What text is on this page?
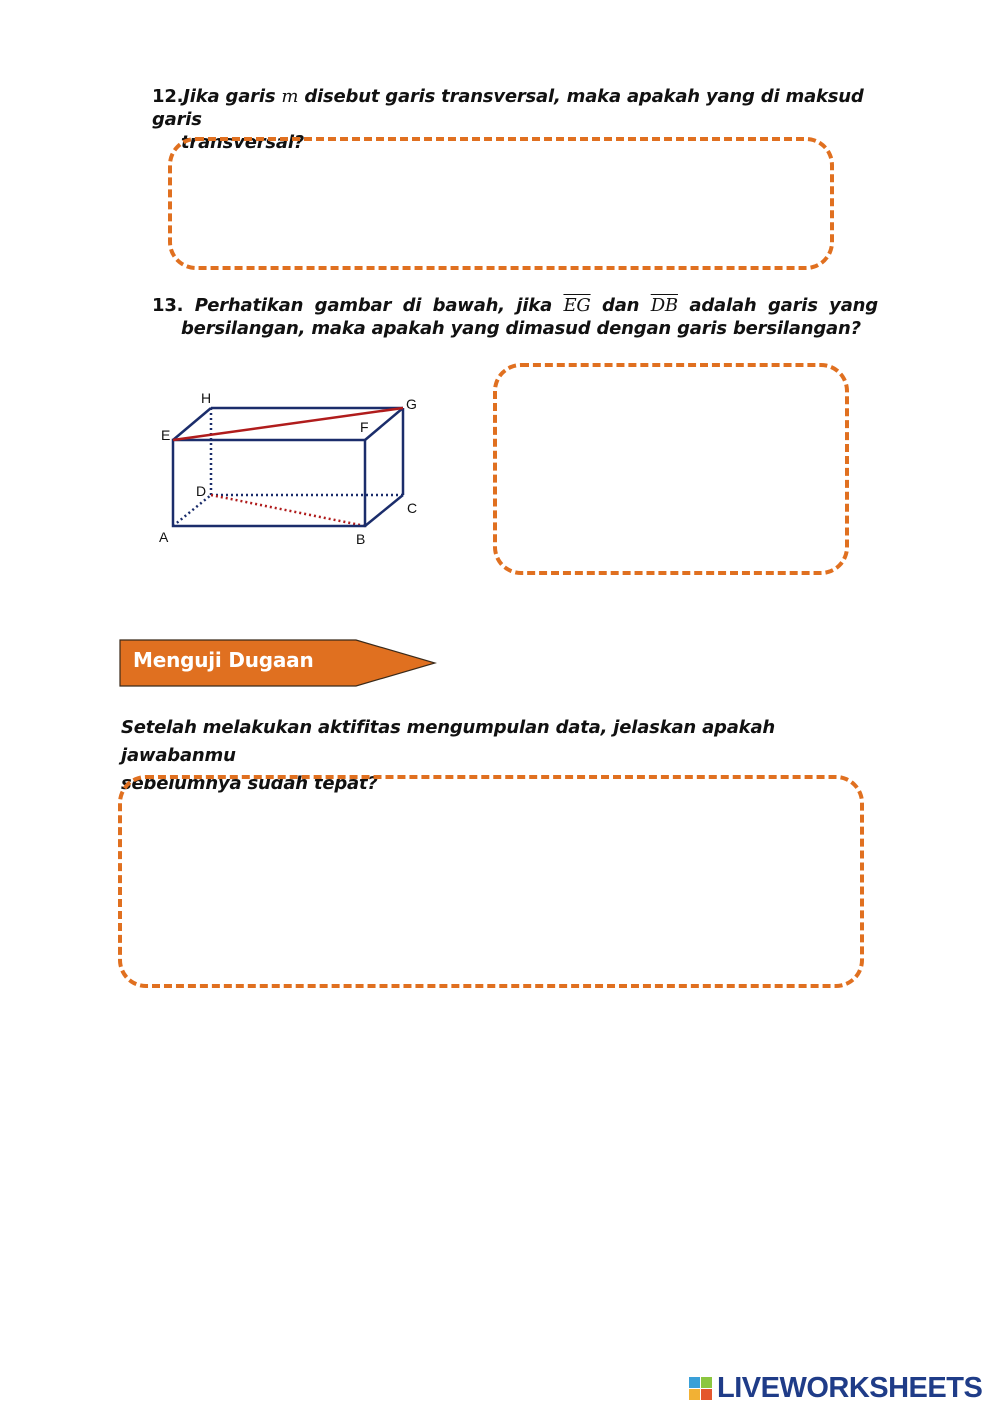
12.Jika garis m disebut garis transversal, maka apakah yang di maksud garis
transversal?
13. Perhatikan gambar di bawah, jika $\overline{EG}$ dan $\overline{DB}$ adalah garis yang
bersilangan, maka apakah yang dimasud dengan garis bersilangan?
H	G
E	F
D
C
A	B
Menguji Dugaan
Setelah melakukan aktifitas mengumpulan data, jelaskan apakah jawabanmu
sebelumnya sudah tepat?
LIVEWORKSHEETS
